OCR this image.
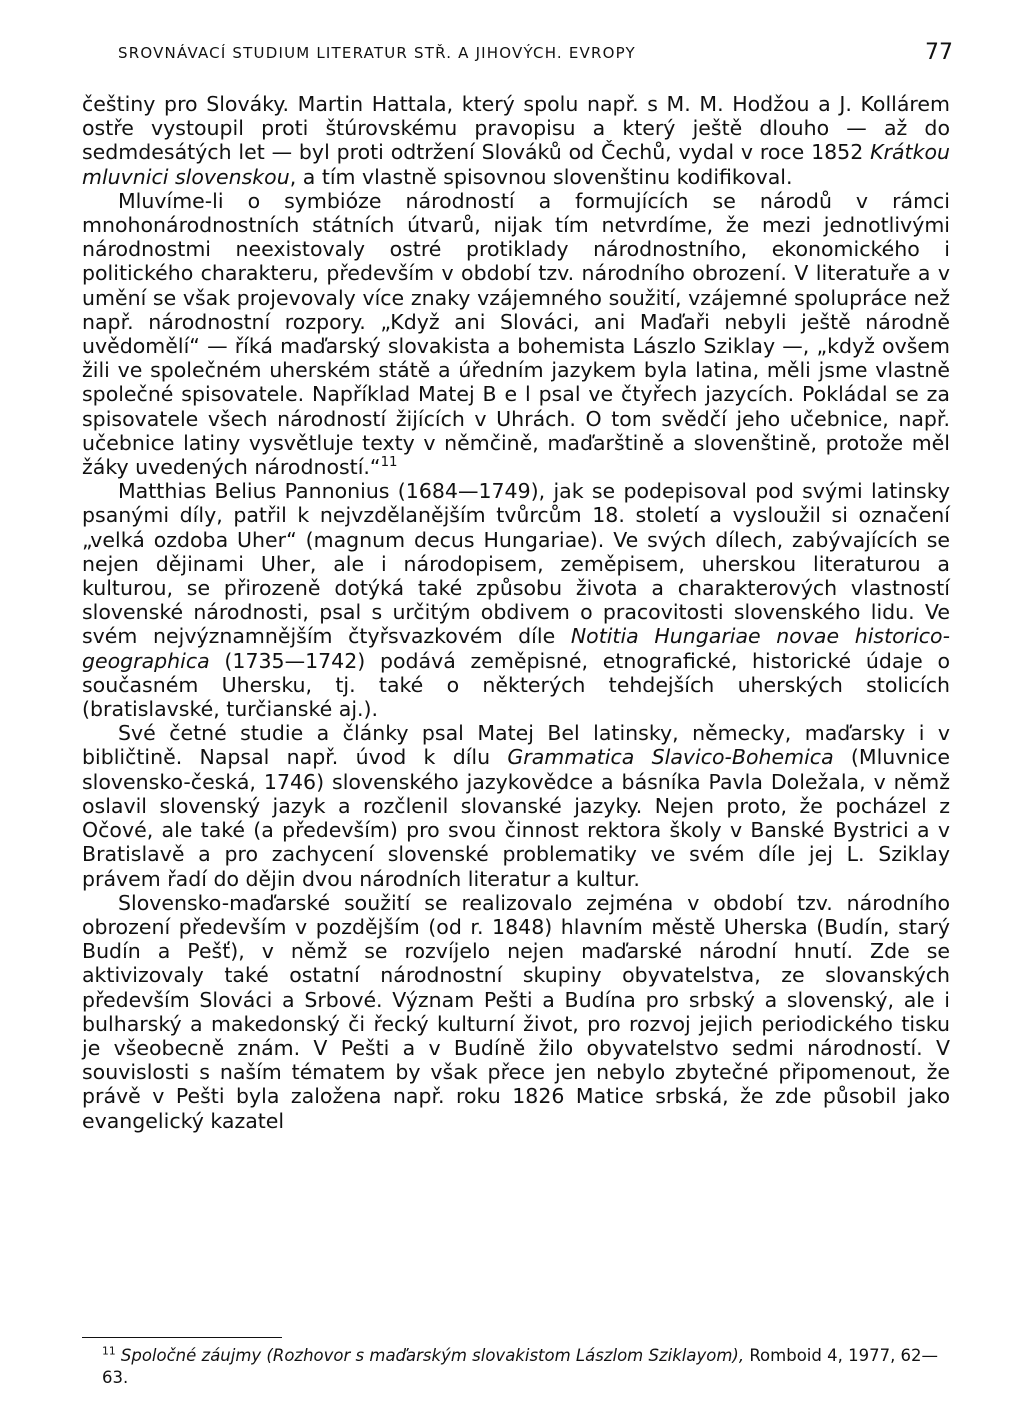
SROVNÁVACÍ STUDIUM LITERATUR STŘ. A JIHOVÝCH. EVROPY	77

češtiny pro Slováky. Martin Hattala, který spolu např. s M. M. Hodžou a J. Kollárem ostře vystoupil proti štúrovskému pravopisu a který ještě dlouho — až do sedmdesátých let — byl proti odtržení Slováků od Čechů, vydal v roce 1852 Krátkou mluvnici slovenskou, a tím vlastně spisovnou slovenštinu kodifikoval.

Mluvíme-li o symbióze národností a formujících se národů v rámci mnohonárodnostních státních útvarů, nijak tím netvrdíme, že mezi jednotlivými národnostmi neexistovaly ostré protiklady národnostního, ekonomického i politického charakteru, především v období tzv. národního obrození. V literatuře a v umění se však projevovaly více znaky vzájemného soužití, vzájemné spolupráce než např. národnostní rozpory. „Když ani Slováci, ani Maďaři nebyli ještě národně uvědomělí“ — říká maďarský slovakista a bohemista Lászlo Sziklay —, „když ovšem žili ve společném uherském státě a úředním jazykem byla latina, měli jsme vlastně společné spisovatele. Například Matej B e l psal ve čtyřech jazycích. Pokládal se za spisovatele všech národností žijících v Uhrách. O tom svědčí jeho učebnice, např. učebnice latiny vysvětluje texty v němčině, maďarštině a slovenštině, protože měl žáky uvedených národností.“$^{11}$

Matthias Belius Pannonius (1684—1749), jak se podepisoval pod svými latinsky psanými díly, patřil k nejvzdělanějším tvůrcům 18. století a vysloužil si označení „velká ozdoba Uher“ (magnum decus Hungariae). Ve svých dílech, zabývajících se nejen dějinami Uher, ale i národopisem, zeměpisem, uherskou literaturou a kulturou, se přirozeně dotýká také způsobu života a charakterových vlastností slovenské národnosti, psal s určitým obdivem o pracovitosti slovenského lidu. Ve svém nejvýznamnějším čtyřsvazkovém díle Notitia Hungariae novae historico-geographica (1735—1742) podává zeměpisné, etnografické, historické údaje o současném Uhersku, tj. také o některých tehdejších uherských stolicích (bratislavské, turčianské aj.).

Své četné studie a články psal Matej Bel latinsky, německy, maďarsky i v bibličtině. Napsal např. úvod k dílu Grammatica Slavico-Bohemica (Mluvnice slovensko-česká, 1746) slovenského jazykovědce a básníka Pavla Doležala, v němž oslavil slovenský jazyk a rozčlenil slovanské jazyky. Nejen proto, že pocházel z Očové, ale také (a především) pro svou činnost rektora školy v Banské Bystrici a v Bratislavě a pro zachycení slovenské problematiky ve svém díle jej L. Sziklay právem řadí do dějin dvou národních literatur a kultur.

Slovensko-maďarské soužití se realizovalo zejména v období tzv. národního obrození především v pozdějším (od r. 1848) hlavním městě Uherska (Budín, starý Budín a Pešť), v němž se rozvíjelo nejen maďarské národní hnutí. Zde se aktivizovaly také ostatní národnostní skupiny obyvatelstva, ze slovanských především Slováci a Srbové. Význam Pešti a Budína pro srbský a slovenský, ale i bulharský a makedonský či řecký kulturní život, pro rozvoj jejich periodického tisku je všeobecně znám. V Pešti a v Budíně žilo obyvatelstvo sedmi národností. V souvislosti s naším tématem by však přece jen nebylo zbytečné připomenout, že právě v Pešti byla založena např. roku 1826 Matice srbská, že zde působil jako evangelický kazatel

$^{11}$ Spoločné záujmy (Rozhovor s maďarským slovakistom Lászlom Sziklayom), Romboid 4, 1977, 62—63.
